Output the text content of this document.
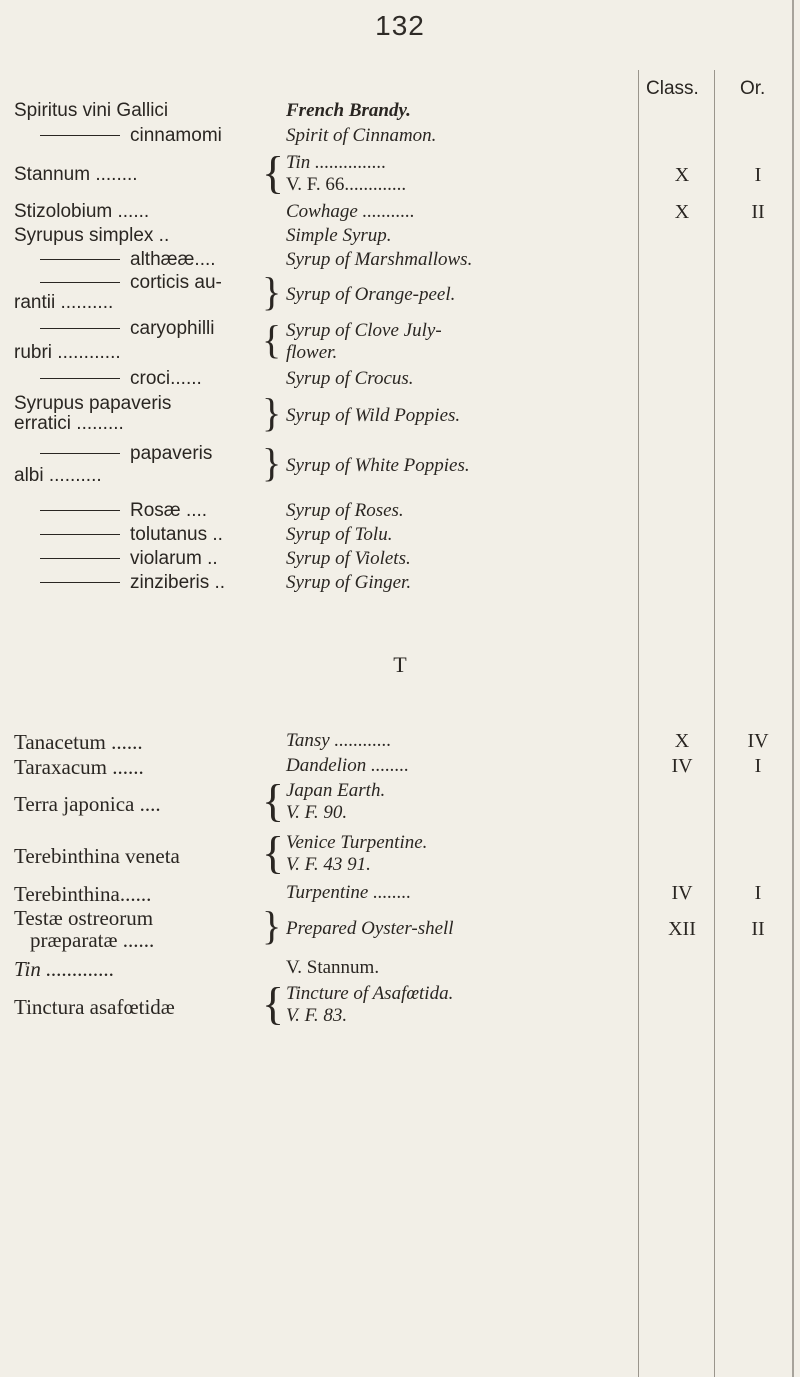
132
Class. Or.
Spiritus vini Gallici	French Brandy.
cinnamomi	Spirit of Cinnamon.
Stannum ........	{ Tin ...............
V. F. 66.............	X	I
Stizolobium ......	Cowhage ...........	X	II
Syrupus simplex ..	Simple Syrup.
althææ....	Syrup of Marshmallows.
corticis au-
rantii ..........	} Syrup of Orange-peel.
caryophilli
rubri ............	{ Syrup of Clove July-
flower.
croci......	Syrup of Crocus.
Syrupus papaveris
erratici .........	} Syrup of Wild Poppies.
papaveris
albi ..........	} Syrup of White Poppies.
Rosæ ....	Syrup of Roses.
tolutanus ..	Syrup of Tolu.
violarum ..	Syrup of Violets.
zinziberis ..	Syrup of Ginger.
T
Tanacetum ......	Tansy ............	X	IV
Taraxacum ......	Dandelion ........	IV	I
Terra japonica .... { Japan Earth.
V. F. 90.
Terebinthina veneta { Venice Turpentine.
V. F. 43 91.
Terebinthina......	Turpentine ........	IV	I
Testæ ostreorum
præparatæ ......	} Prepared Oyster-shell	XII	II
Tin .............	V. Stannum.
Tinctura asafœtidæ { Tincture of Asafœtida.
V. F. 83.
